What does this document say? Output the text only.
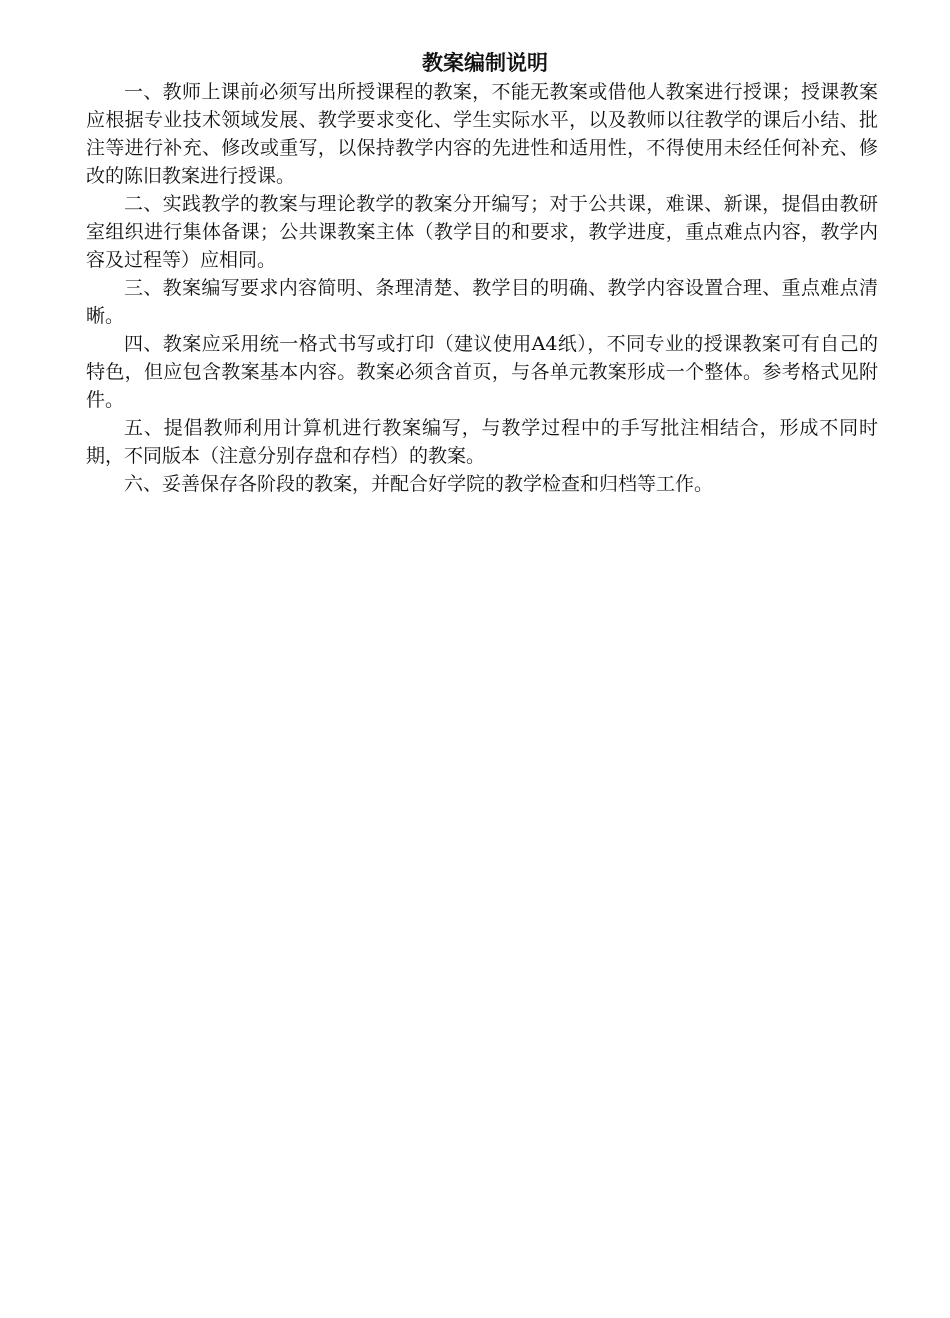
教案编制说明

一、教师上课前必须写出所授课程的教案，不能无教案或借他人教案进行授课；授课教案应根据专业技术领域发展、教学要求变化、学生实际水平，以及教师以往教学的课后小结、批注等进行补充、修改或重写，以保持教学内容的先进性和适用性，不得使用未经任何补充、修改的陈旧教案进行授课。

二、实践教学的教案与理论教学的教案分开编写；对于公共课，难课、新课，提倡由教研室组织进行集体备课；公共课教案主体（教学目的和要求，教学进度，重点难点内容，教学内容及过程等）应相同。

三、教案编写要求内容简明、条理清楚、教学目的明确、教学内容设置合理、重点难点清晰。

四、教案应采用统一格式书写或打印（建议使用A4纸），不同专业的授课教案可有自己的特色，但应包含教案基本内容。教案必须含首页，与各单元教案形成一个整体。参考格式见附件。

五、提倡教师利用计算机进行教案编写，与教学过程中的手写批注相结合，形成不同时期，不同版本（注意分别存盘和存档）的教案。

六、妥善保存各阶段的教案，并配合好学院的教学检查和归档等工作。
